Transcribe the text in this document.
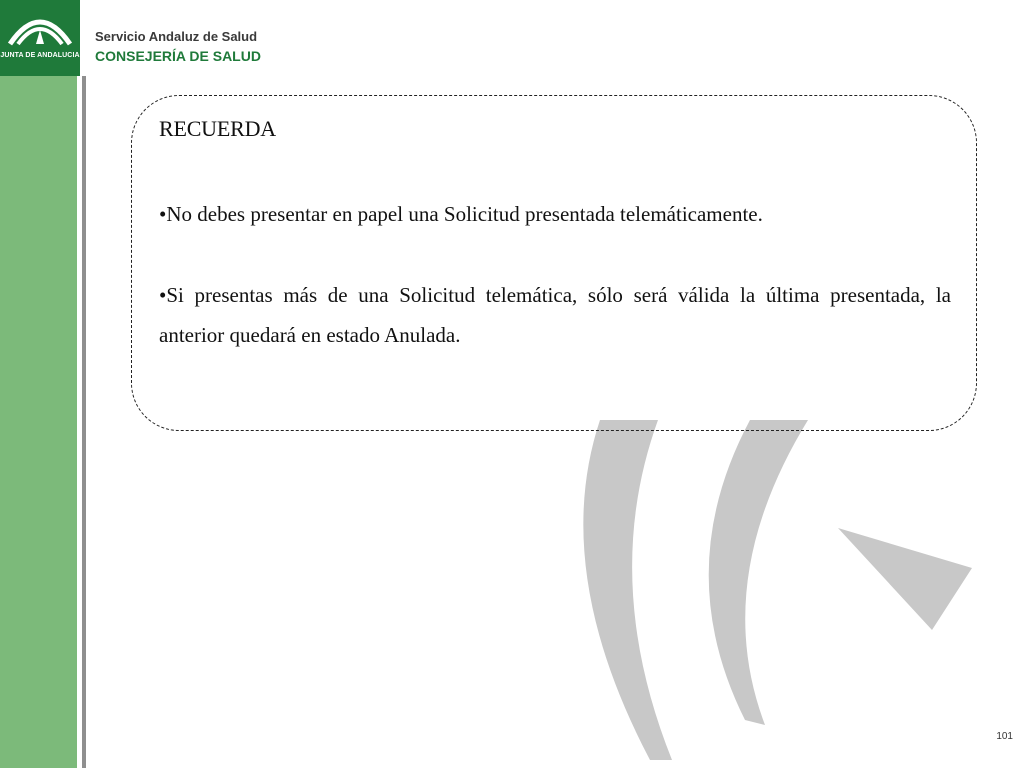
JUNTA DE ANDALUCIA
Servicio Andaluz de Salud
CONSEJERÍA DE SALUD
RECUERDA
•No debes presentar en papel una Solicitud presentada telemáticamente.
•Si presentas más de una Solicitud telemática, sólo será válida la última presentada, la anterior quedará en estado Anulada.
101
